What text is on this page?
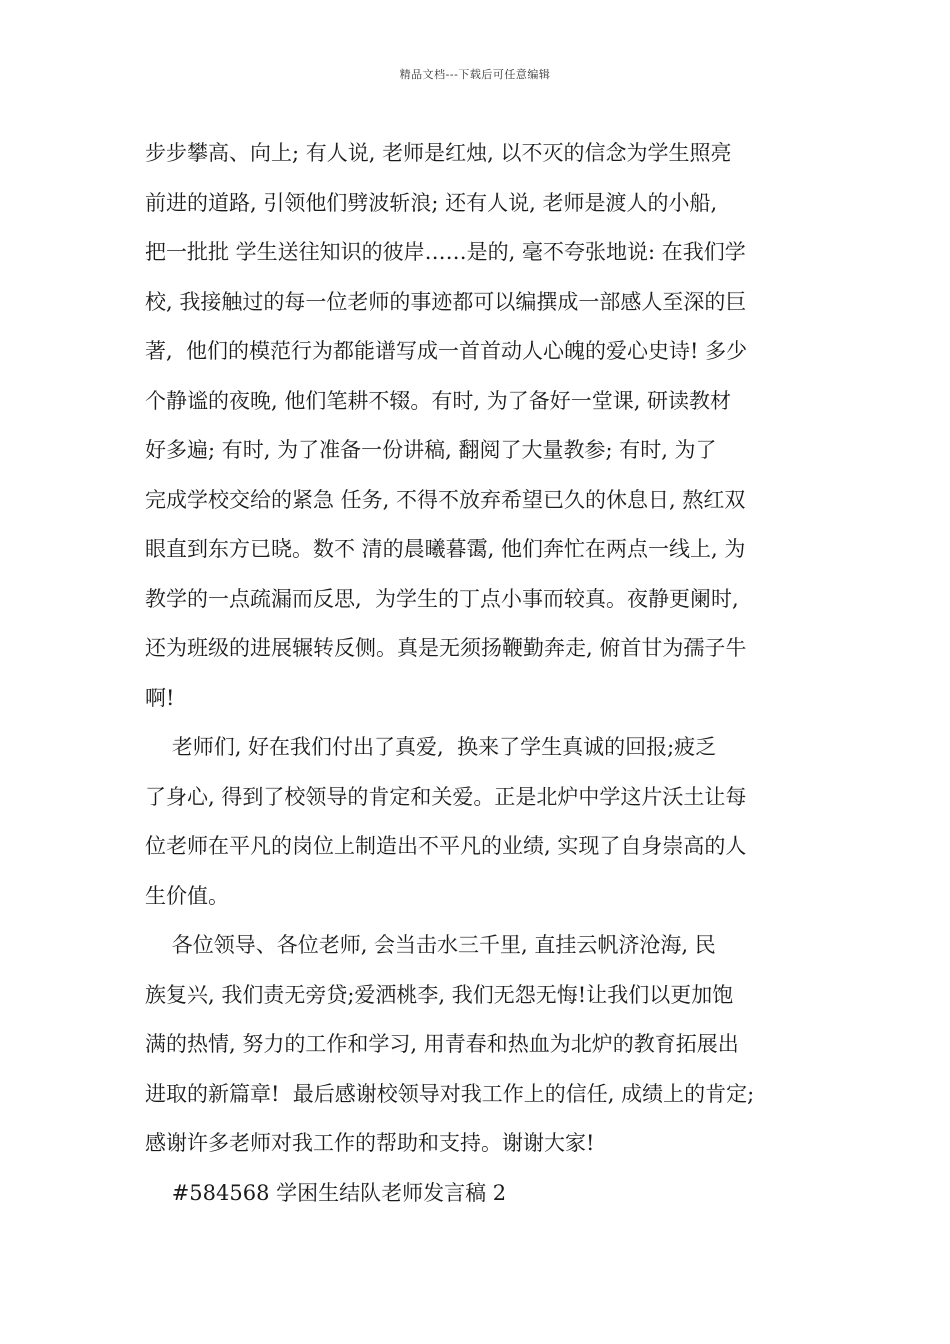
精品文档---下载后可任意编辑
步步攀高、向上; 有人说, 老师是红烛, 以不灭的信念为学生照亮
前进的道路, 引领他们劈波斩浪; 还有人说, 老师是渡人的小船,
把一批批 学生送往知识的彼岸……是的, 毫不夸张地说: 在我们学
校, 我接触过的每一位老师的事迹都可以编撰成一部感人至深的巨
著,  他们的模范行为都能谱写成一首首动人心魄的爱心史诗! 多少
个静谧的夜晚, 他们笔耕不辍。有时, 为了备好一堂课, 研读教材
好多遍; 有时, 为了准备一份讲稿, 翻阅了大量教参; 有时, 为了
完成学校交给的紧急 任务, 不得不放弃希望已久的休息日, 熬红双
眼直到东方已晓。数不 清的晨曦暮霭, 他们奔忙在两点一线上, 为
教学的一点疏漏而反思,  为学生的丁点小事而较真。夜静更阑时,
还为班级的进展辗转反侧。真是无须扬鞭勤奔走, 俯首甘为孺子牛
啊!
老师们, 好在我们付出了真爱,  换来了学生真诚的回报;疲乏
了身心, 得到了校领导的肯定和关爱。正是北炉中学这片沃土让每
位老师在平凡的岗位上制造出不平凡的业绩, 实现了自身崇高的人
生价值。
各位领导、各位老师, 会当击水三千里, 直挂云帆济沧海, 民
族复兴, 我们责无旁贷;爱洒桃李, 我们无怨无悔!让我们以更加饱
满的热情, 努力的工作和学习, 用青春和热血为北炉的教育拓展出
进取的新篇章!  最后感谢校领导对我工作上的信任, 成绩上的肯定;
感谢许多老师对我工作的帮助和支持。谢谢大家!
#584568 学困生结队老师发言稿 2
